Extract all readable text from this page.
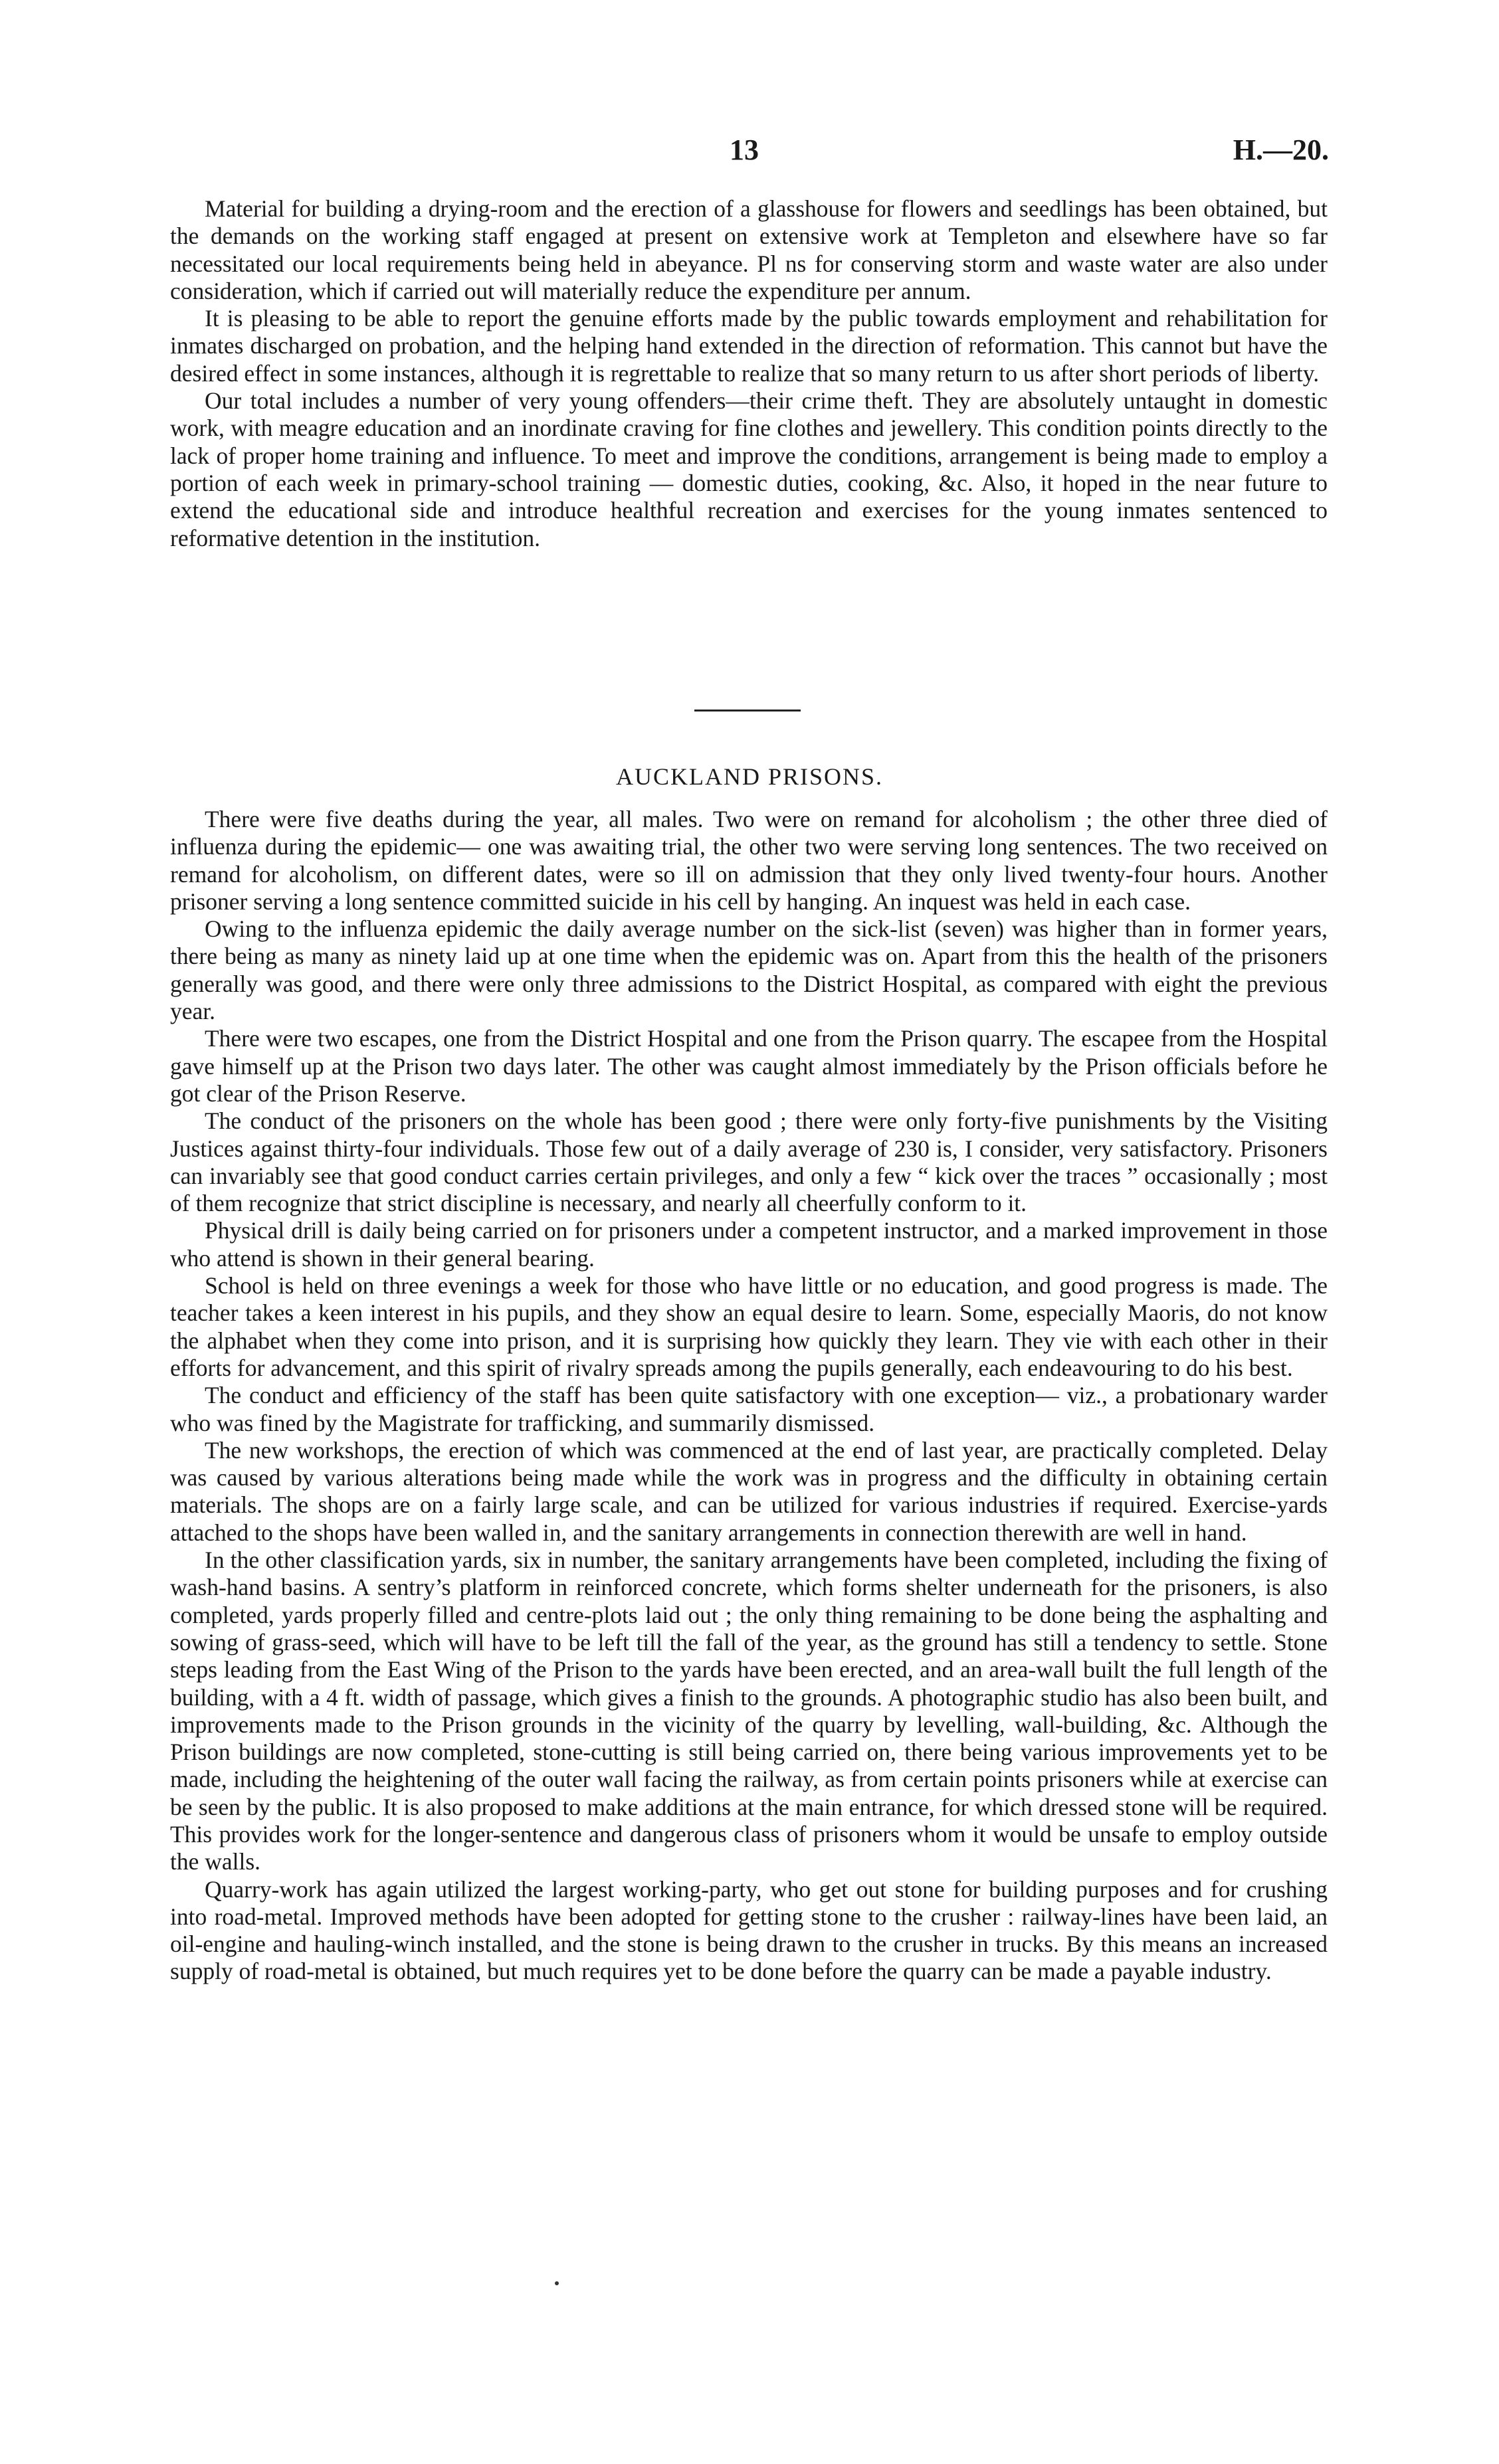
13	H.—20.

Material for building a drying-room and the erection of a glasshouse for flowers and seedlings has been obtained, but the demands on the working staff engaged at present on extensive work at Templeton and elsewhere have so far necessitated our local requirements being held in abeyance. Pl ns for conserving storm and waste water are also under consideration, which if carried out will materially reduce the expenditure per annum.

It is pleasing to be able to report the genuine efforts made by the public towards employment and rehabilitation for inmates discharged on probation, and the helping hand extended in the direction of reformation. This cannot but have the desired effect in some instances, although it is regrettable to realize that so many return to us after short periods of liberty.

Our total includes a number of very young offenders—their crime theft. They are absolutely untaught in domestic work, with meagre education and an inordinate craving for fine clothes and jewellery. This condition points directly to the lack of proper home training and influence. To meet and improve the conditions, arrangement is being made to employ a portion of each week in primary-school training — domestic duties, cooking, &c. Also, it hoped in the near future to extend the educational side and introduce healthful recreation and exercises for the young inmates sentenced to reformative detention in the institution.

AUCKLAND PRISONS.

There were five deaths during the year, all males. Two were on remand for alcoholism ; the other three died of influenza during the epidemic— one was awaiting trial, the other two were serving long sentences. The two received on remand for alcoholism, on different dates, were so ill on admission that they only lived twenty-four hours. Another prisoner serving a long sentence committed suicide in his cell by hanging. An inquest was held in each case.

Owing to the influenza epidemic the daily average number on the sick-list (seven) was higher than in former years, there being as many as ninety laid up at one time when the epidemic was on. Apart from this the health of the prisoners generally was good, and there were only three admissions to the District Hospital, as compared with eight the previous year.

There were two escapes, one from the District Hospital and one from the Prison quarry. The escapee from the Hospital gave himself up at the Prison two days later. The other was caught almost immediately by the Prison officials before he got clear of the Prison Reserve.

The conduct of the prisoners on the whole has been good ; there were only forty-five punishments by the Visiting Justices against thirty-four individuals. Those few out of a daily average of 230 is, I consider, very satisfactory. Prisoners can invariably see that good conduct carries certain privileges, and only a few “ kick over the traces ” occasionally ; most of them recognize that strict discipline is necessary, and nearly all cheerfully conform to it.

Physical drill is daily being carried on for prisoners under a competent instructor, and a marked improvement in those who attend is shown in their general bearing.

School is held on three evenings a week for those who have little or no education, and good progress is made. The teacher takes a keen interest in his pupils, and they show an equal desire to learn. Some, especially Maoris, do not know the alphabet when they come into prison, and it is surprising how quickly they learn. They vie with each other in their efforts for advancement, and this spirit of rivalry spreads among the pupils generally, each endeavouring to do his best.

The conduct and efficiency of the staff has been quite satisfactory with one exception— viz., a probationary warder who was fined by the Magistrate for trafficking, and summarily dismissed.

The new workshops, the erection of which was commenced at the end of last year, are practically completed. Delay was caused by various alterations being made while the work was in progress and the difficulty in obtaining certain materials. The shops are on a fairly large scale, and can be utilized for various industries if required. Exercise-yards attached to the shops have been walled in, and the sanitary arrangements in connection therewith are well in hand.

In the other classification yards, six in number, the sanitary arrangements have been completed, including the fixing of wash-hand basins. A sentry’s platform in reinforced concrete, which forms shelter underneath for the prisoners, is also completed, yards properly filled and centre-plots laid out ; the only thing remaining to be done being the asphalting and sowing of grass-seed, which will have to be left till the fall of the year, as the ground has still a tendency to settle. Stone steps leading from the East Wing of the Prison to the yards have been erected, and an area-wall built the full length of the building, with a 4 ft. width of passage, which gives a finish to the grounds. A photographic studio has also been built, and improvements made to the Prison grounds in the vicinity of the quarry by levelling, wall-building, &c. Although the Prison buildings are now completed, stone-cutting is still being carried on, there being various improvements yet to be made, including the heightening of the outer wall facing the railway, as from certain points prisoners while at exercise can be seen by the public. It is also proposed to make additions at the main entrance, for which dressed stone will be required. This provides work for the longer-sentence and dangerous class of prisoners whom it would be unsafe to employ outside the walls.

Quarry-work has again utilized the largest working-party, who get out stone for building purposes and for crushing into road-metal. Improved methods have been adopted for getting stone to the crusher : railway-lines have been laid, an oil-engine and hauling-winch installed, and the stone is being drawn to the crusher in trucks. By this means an increased supply of road-metal is obtained, but much requires yet to be done before the quarry can be made a payable industry.
